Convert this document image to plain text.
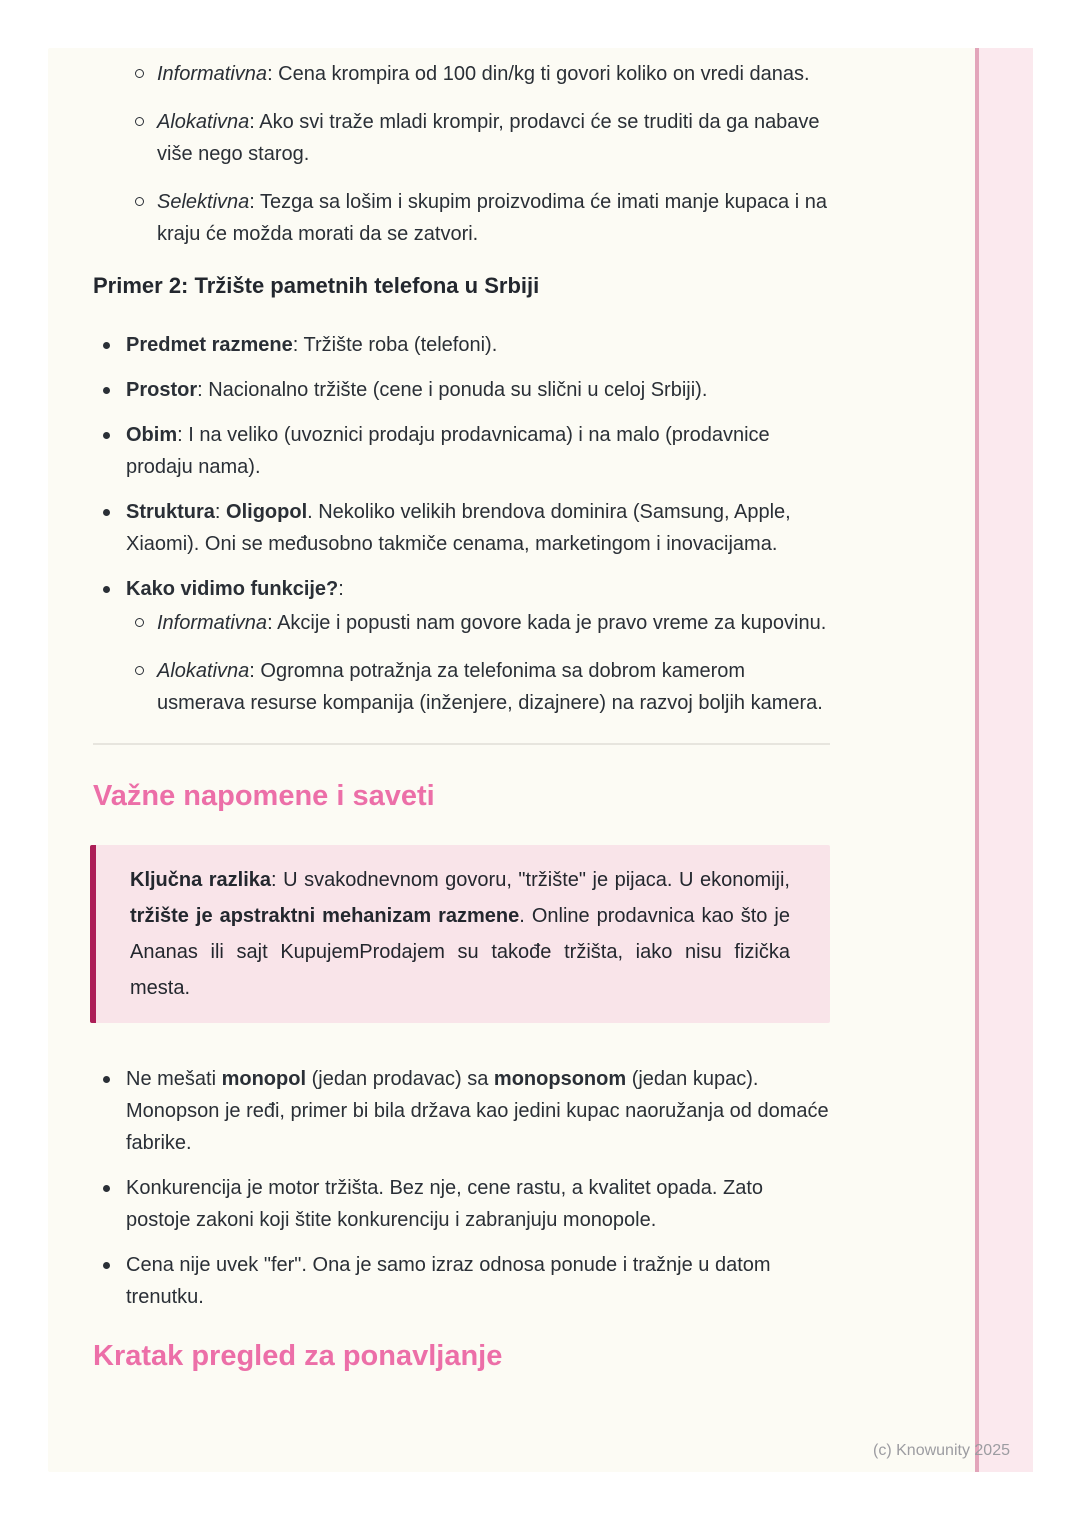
Informativna: Cena krompira od 100 din/kg ti govori koliko on vredi danas.
Alokativna: Ako svi traže mladi krompir, prodavci će se truditi da ga nabave više nego starog.
Selektivna: Tezga sa lošim i skupim proizvodima će imati manje kupaca i na kraju će možda morati da se zatvori.
Primer 2: Tržište pametnih telefona u Srbiji
Predmet razmene: Tržište roba (telefoni).
Prostor: Nacionalno tržište (cene i ponuda su slični u celoj Srbiji).
Obim: I na veliko (uvoznici prodaju prodavnicama) i na malo (prodavnice prodaju nama).
Struktura: Oligopol. Nekoliko velikih brendova dominira (Samsung, Apple, Xiaomi). Oni se međusobno takmiče cenama, marketingom i inovacijama.
Kako vidimo funkcije?:
Informativna: Akcije i popusti nam govore kada je pravo vreme za kupovinu.
Alokativna: Ogromna potražnja za telefonima sa dobrom kamerom usmerava resurse kompanija (inženjere, dizajnere) na razvoj boljih kamera.
Važne napomene i saveti

Ključna razlika: U svakodnevnom govoru, "tržište" je pijaca. U ekonomiji, tržište je apstraktni mehanizam razmene. Online prodavnica kao što je Ananas ili sajt KupujemProdajem su takođe tržišta, iako nisu fizička mesta.

Ne mešati monopol (jedan prodavac) sa monopsonom (jedan kupac). Monopson je ređi, primer bi bila država kao jedini kupac naoružanja od domaće fabrike.
Konkurencija je motor tržišta. Bez nje, cene rastu, a kvalitet opada. Zato postoje zakoni koji štite konkurenciju i zabranjuju monopole.
Cena nije uvek "fer". Ona je samo izraz odnosa ponude i tražnje u datom trenutku.
Kratak pregled za ponavljanje
(c) Knowunity 2025
